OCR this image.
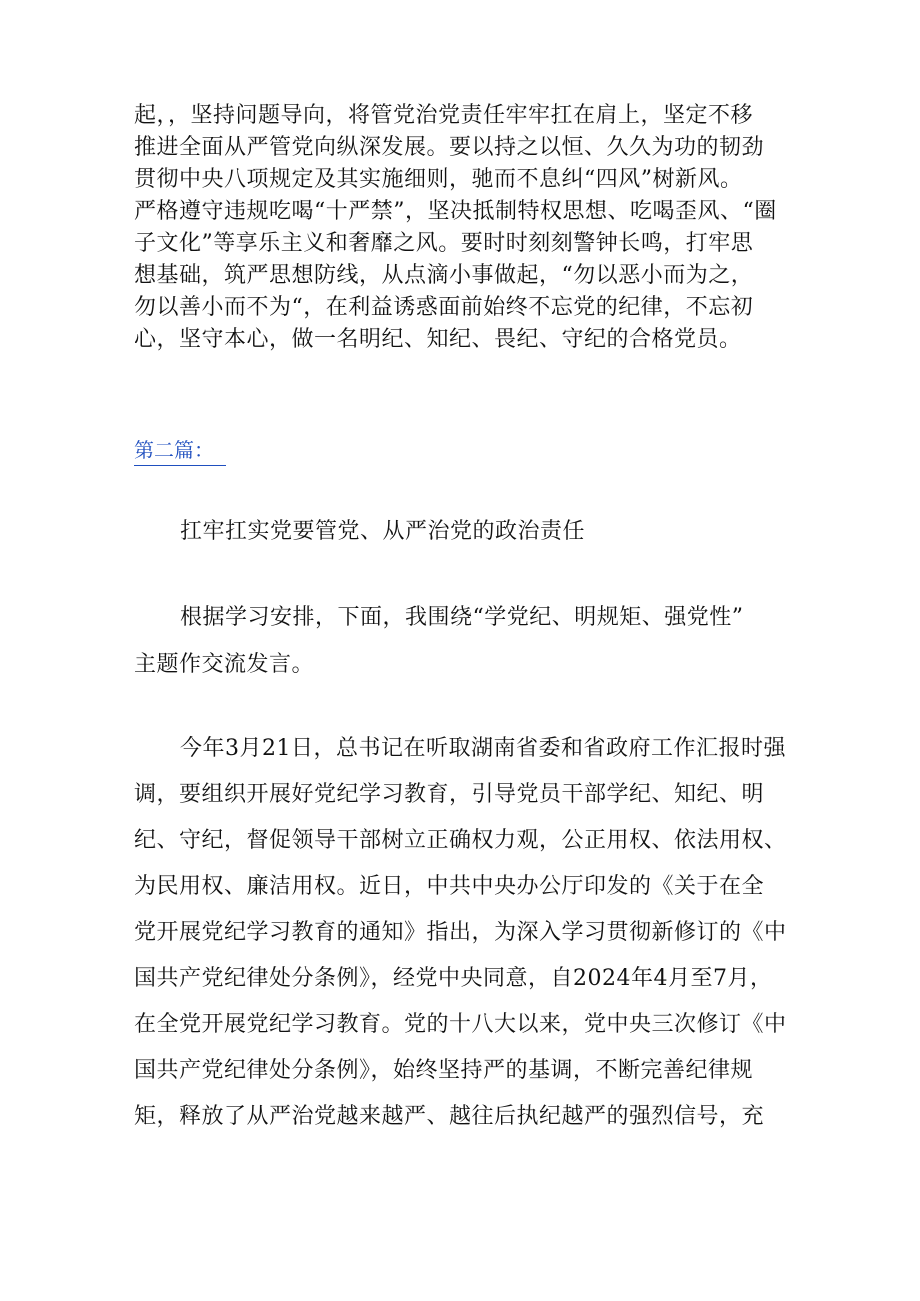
起，，坚持问题导向，将管党治党责任牢牢扛在肩上，坚定不移
推进全面从严管党向纵深发展。要以持之以恒、久久为功的韧劲
贯彻中央八项规定及其实施细则，驰而不息纠“四风”树新风。
严格遵守违规吃喝“十严禁”，坚决抵制特权思想、吃喝歪风、“圈
子文化”等享乐主义和奢靡之风。要时时刻刻警钟长鸣，打牢思
想基础，筑严思想防线，从点滴小事做起，“勿以恶小而为之，
勿以善小而不为“，在利益诱惑面前始终不忘党的纪律，不忘初
心，坚守本心，做一名明纪、知纪、畏纪、守纪的合格党员。
第二篇：
扛牢扛实党要管党、从严治党的政治责任
根据学习安排，下面，我围绕“学党纪、明规矩、强党性”
主题作交流发言。
今年3月21日，总书记在听取湖南省委和省政府工作汇报时强
调，要组织开展好党纪学习教育，引导党员干部学纪、知纪、明
纪、守纪，督促领导干部树立正确权力观，公正用权、依法用权、
为民用权、廉洁用权。近日，中共中央办公厅印发的《关于在全
党开展党纪学习教育的通知》指出，为深入学习贯彻新修订的《中
国共产党纪律处分条例》，经党中央同意，自2024年4月至7月，
在全党开展党纪学习教育。党的十八大以来，党中央三次修订《中
国共产党纪律处分条例》，始终坚持严的基调，不断完善纪律规
矩，释放了从严治党越来越严、越往后执纪越严的强烈信号，充
